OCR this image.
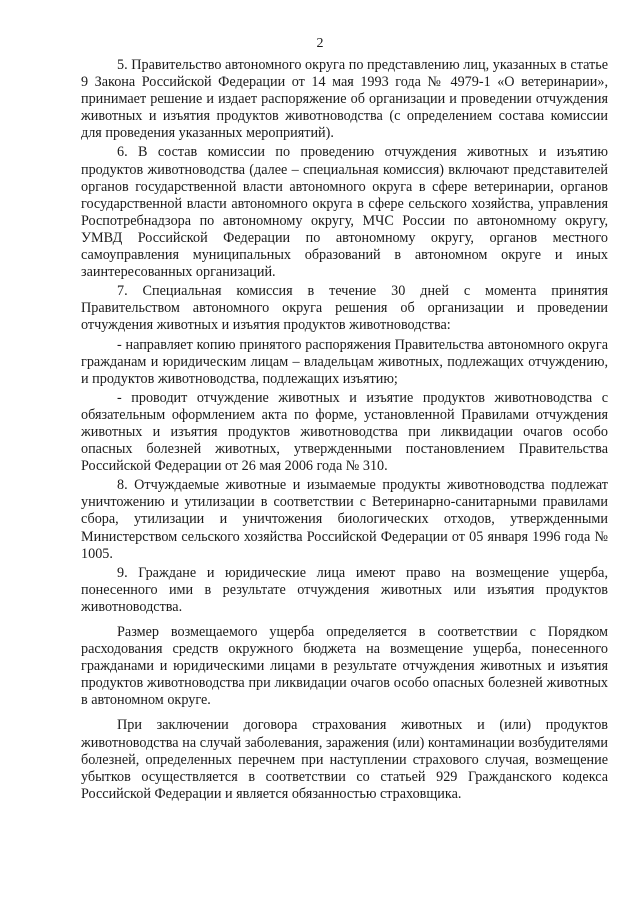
2

5. Правительство автономного округа по представлению лиц, указанных в статье 9 Закона Российской Федерации от 14 мая 1993 года № 4979-1 «О ветеринарии», принимает решение и издает распоряжение об организации и проведении отчуждения животных и изъятия продуктов животноводства (с определением состава комиссии для проведения указанных мероприятий).

6. В состав комиссии по проведению отчуждения животных и изъятию продуктов животноводства (далее – специальная комиссия) включают представителей органов государственной власти автономного округа в сфере ветеринарии, органов государственной власти автономного округа в сфере сельского хозяйства, управления Роспотребнадзора по автономному округу, МЧС России по автономному округу, УМВД Российской Федерации по автономному округу, органов местного самоуправления муниципальных образований в автономном округе и иных заинтересованных организаций.

7. Специальная комиссия в течение 30 дней с момента принятия Правительством автономного округа решения об организации и проведении отчуждения животных и изъятия продуктов животноводства:

- направляет копию принятого распоряжения Правительства автономного округа гражданам и юридическим лицам – владельцам животных, подлежащих отчуждению, и продуктов животноводства, подлежащих изъятию;

- проводит отчуждение животных и изъятие продуктов животноводства с обязательным оформлением акта по форме, установленной Правилами отчуждения животных и изъятия продуктов животноводства при ликвидации очагов особо опасных болезней животных, утвержденными постановлением Правительства Российской Федерации от 26 мая 2006 года № 310.

8. Отчуждаемые животные и изымаемые продукты животноводства подлежат уничтожению и утилизации в соответствии с Ветеринарно-санитарными правилами сбора, утилизации и уничтожения биологических отходов, утвержденными Министерством сельского хозяйства Российской Федерации от 05 января 1996 года № 1005.

9. Граждане и юридические лица имеют право на возмещение ущерба, понесенного ими в результате отчуждения животных или изъятия продуктов животноводства.

Размер возмещаемого ущерба определяется в соответствии с Порядком расходования средств окружного бюджета на возмещение ущерба, понесенного гражданами и юридическими лицами в результате отчуждения животных и изъятия продуктов животноводства при ликвидации очагов особо опасных болезней животных в автономном округе.

При заключении договора страхования животных и (или) продуктов животноводства на случай заболевания, заражения (или) контаминации возбудителями болезней, определенных перечнем при наступлении страхового случая, возмещение убытков осуществляется в соответствии со статьей 929 Гражданского кодекса Российской Федерации и является обязанностью страховщика.
